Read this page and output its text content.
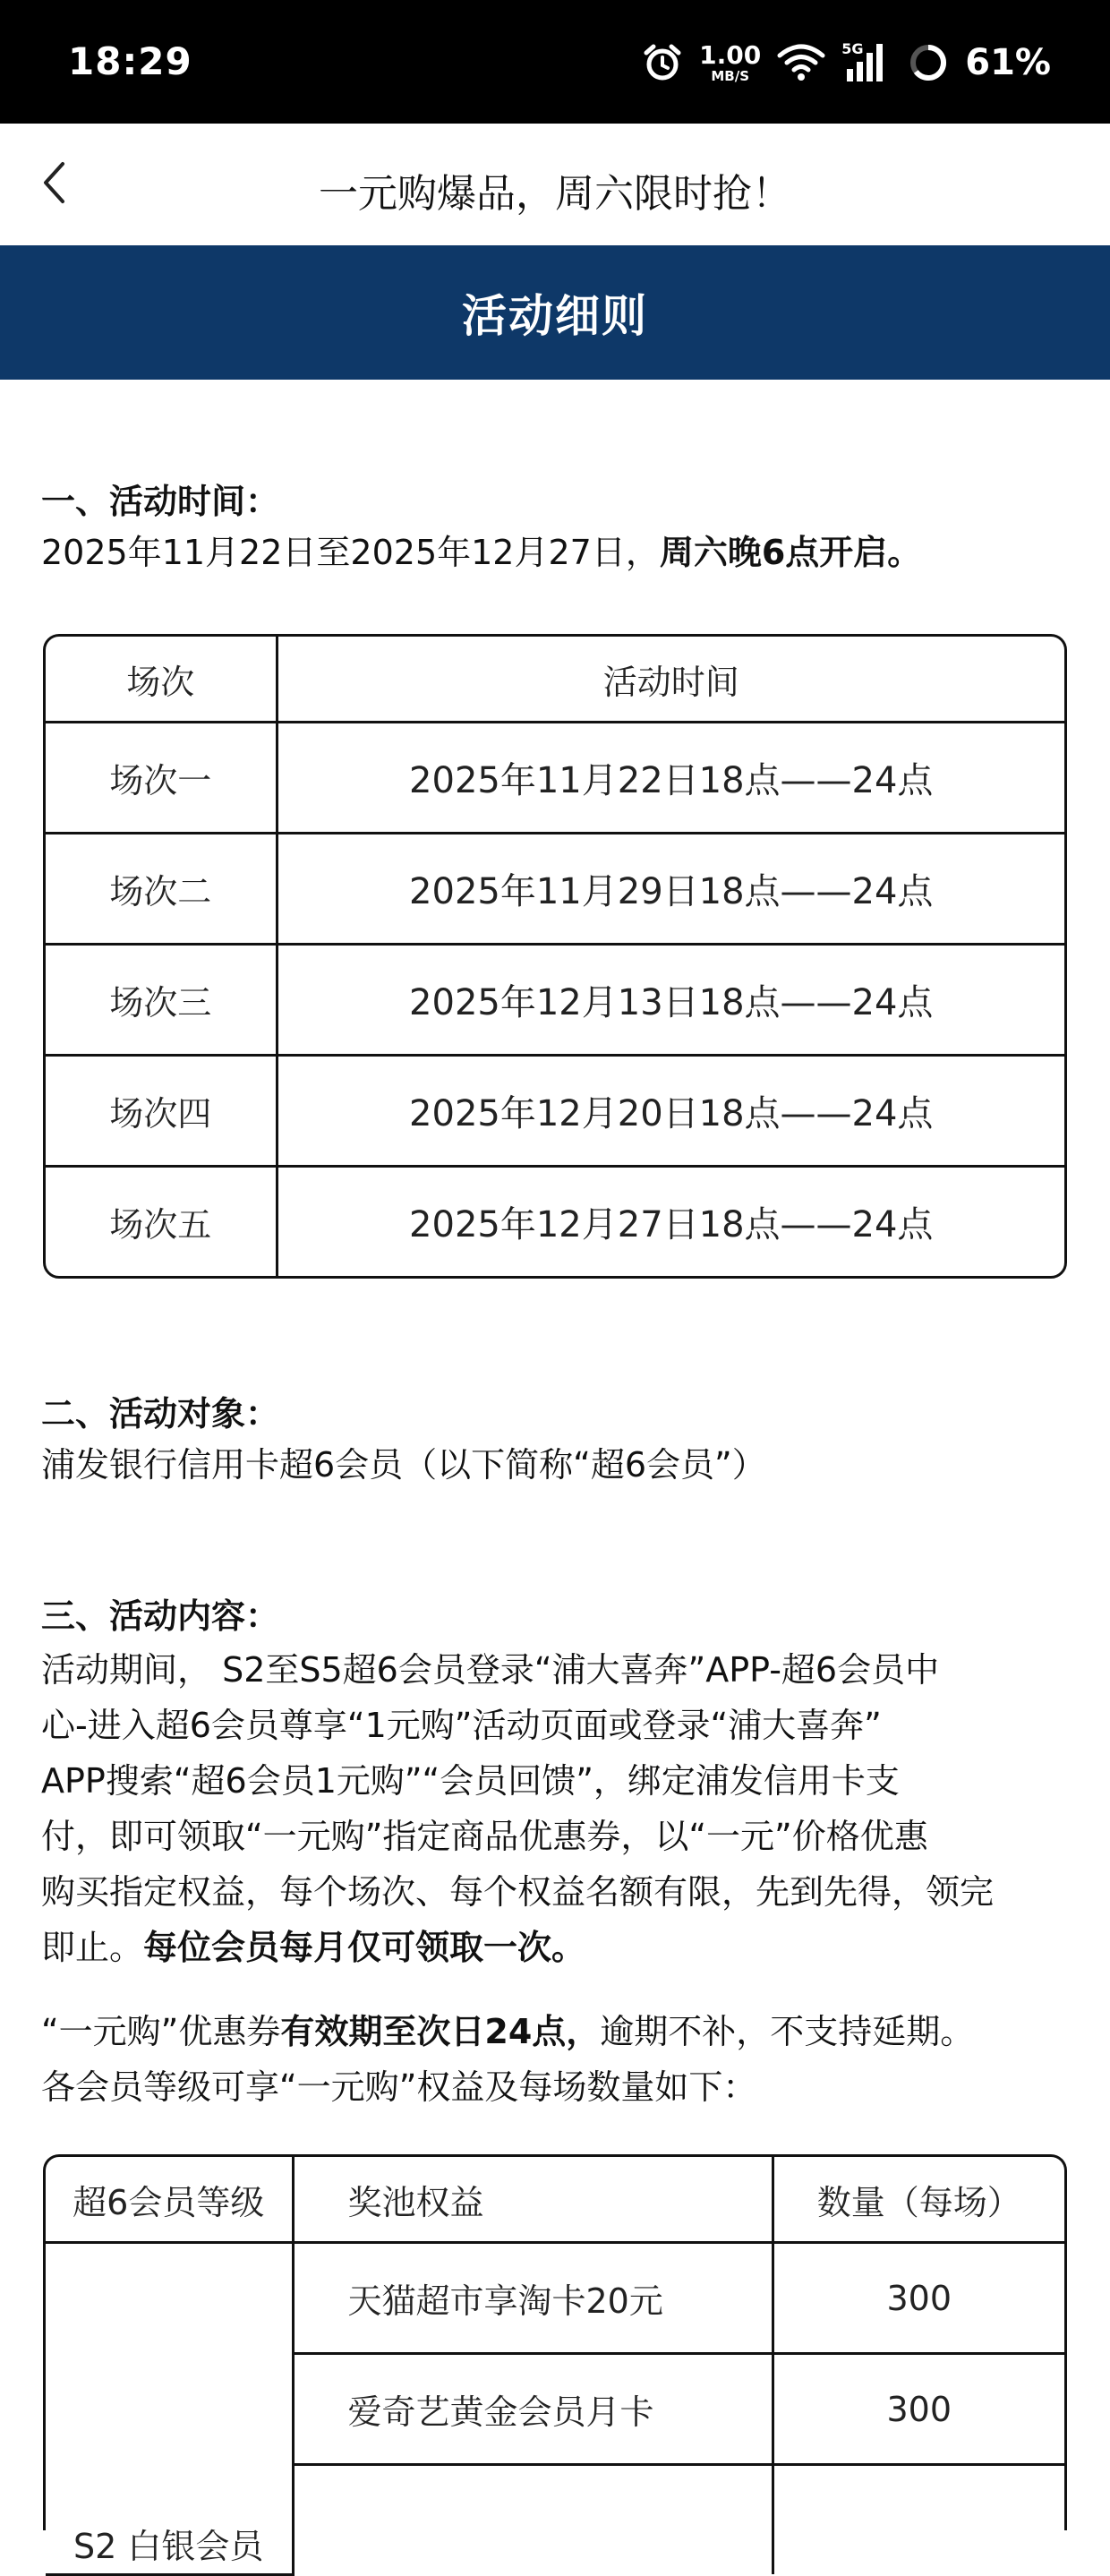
18:29	1.00
MB/S
5G	61%
一元购爆品，周六限时抢！
活动细则
一、活动时间：
2025年11月22日至2025年12月27日，周六晚6点开启。
场次	活动时间
场次一	2025年11月22日18点——24点
场次二	2025年11月29日18点——24点
场次三	2025年12月13日18点——24点
场次四	2025年12月20日18点——24点
场次五	2025年12月27日18点——24点
二、活动对象：
浦发银行信用卡超6会员（以下简称“超6会员”）
三、活动内容：
活动期间， S2至S5超6会员登录“浦大喜奔”APP-超6会员中
心-进入超6会员尊享“1元购”活动页面或登录“浦大喜奔”
APP搜索“超6会员1元购”“会员回馈”，绑定浦发信用卡支
付，即可领取“一元购”指定商品优惠券，以“一元”价格优惠
购买指定权益，每个场次、每个权益名额有限，先到先得，领完
即止。每位会员每月仅可领取一次。
“一元购”优惠券有效期至次日24点，逾期不补，不支持延期。
各会员等级可享“一元购”权益及每场数量如下：
超6会员等级	奖池权益	数量（每场）
S2 白银会员	天猫超市享淘卡20元	300
	爱奇艺黄金会员月卡	300
